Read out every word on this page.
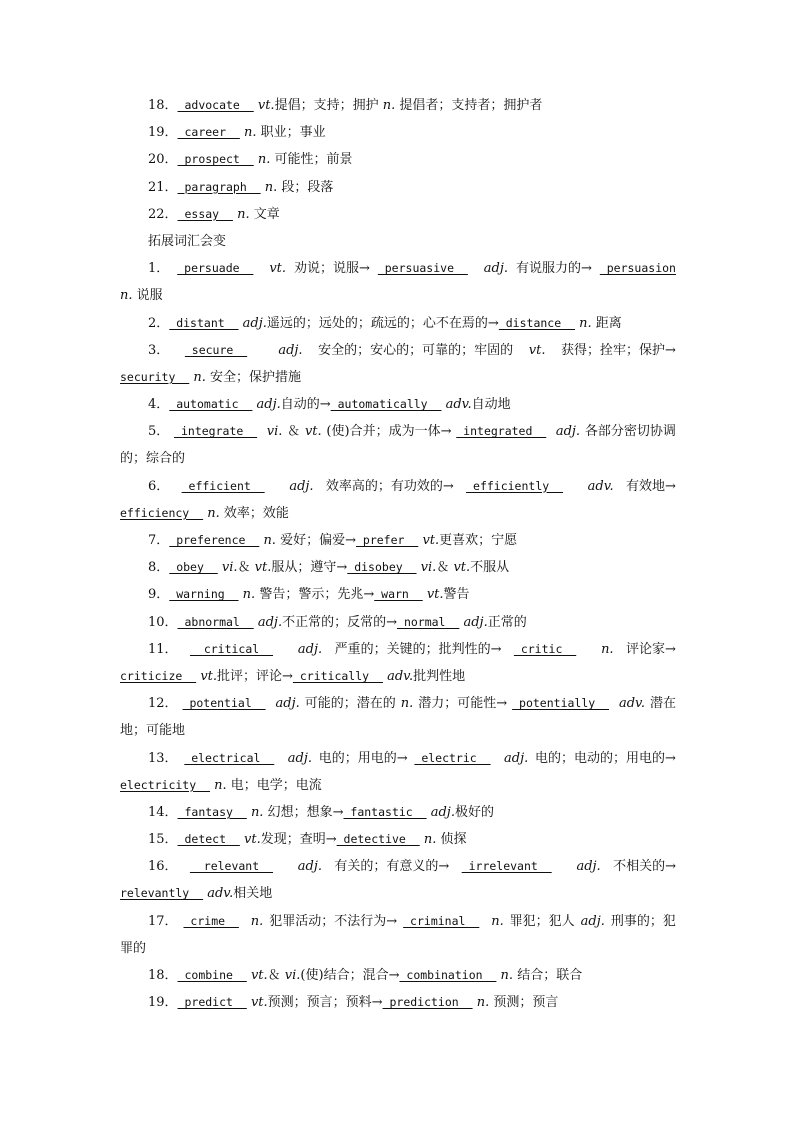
18． advocate   vt.提倡；支持；拥护 n. 提倡者；支持者；拥护者
19． career   n. 职业；事业
20． prospect   n. 可能性；前景
21． paragraph   n. 段；段落
22． essay   n. 文章
拓展词汇会变
1． persuade vt. 劝说；说服→ persuasive adj. 有说服力的→ persuasion
n. 说服
2． distant   adj.遥远的；远处的；疏远的；心不在焉的→ distance   n. 距离
3． secure adj. 安全的；安心的；可靠的；牢固的 vt. 获得；拴牢；保护→
security   n. 安全；保护措施
4． automatic   adj.自动的→ automatically   adv.自动地
5． integrate vi. ＆ vt. (使)合并；成为一体→ integrated adj. 各部分密切协调
的；综合的
6． efficient adj. 效率高的；有功效的→ efficiently adv. 有效地→
efficiency   n. 效率；效能
7． preference   n. 爱好；偏爱→ prefer   vt.更喜欢；宁愿
8． obey   vi.＆ vt.服从；遵守→ disobey   vi.＆ vt.不服从
9． warning   n. 警告；警示；先兆→ warn   vt.警告
10． abnormal   adj.不正常的；反常的→ normal   adj.正常的
11． critical adj. 严重的；关键的；批判性的→ critic n. 评论家→
criticize   vt.批评；评论→ critically   adv.批判性地
12． potential adj. 可能的；潜在的 n. 潜力；可能性→ potentially adv. 潜在
地；可能地
13． electrical adj. 电的；用电的→ electric adj. 电的；电动的；用电的→
electricity   n. 电；电学；电流
14． fantasy   n. 幻想；想象→ fantastic   adj.极好的
15． detect   vt.发现；查明→ detective   n. 侦探
16． relevant adj. 有关的；有意义的→ irrelevant adj. 不相关的→
relevantly   adv.相关地
17． crime n. 犯罪活动；不法行为→ criminal n. 罪犯；犯人 adj. 刑事的；犯
罪的
18． combine   vt.＆ vi.(使)结合；混合→ combination   n. 结合；联合
19． predict   vt.预测；预言；预料→ prediction   n. 预测；预言
